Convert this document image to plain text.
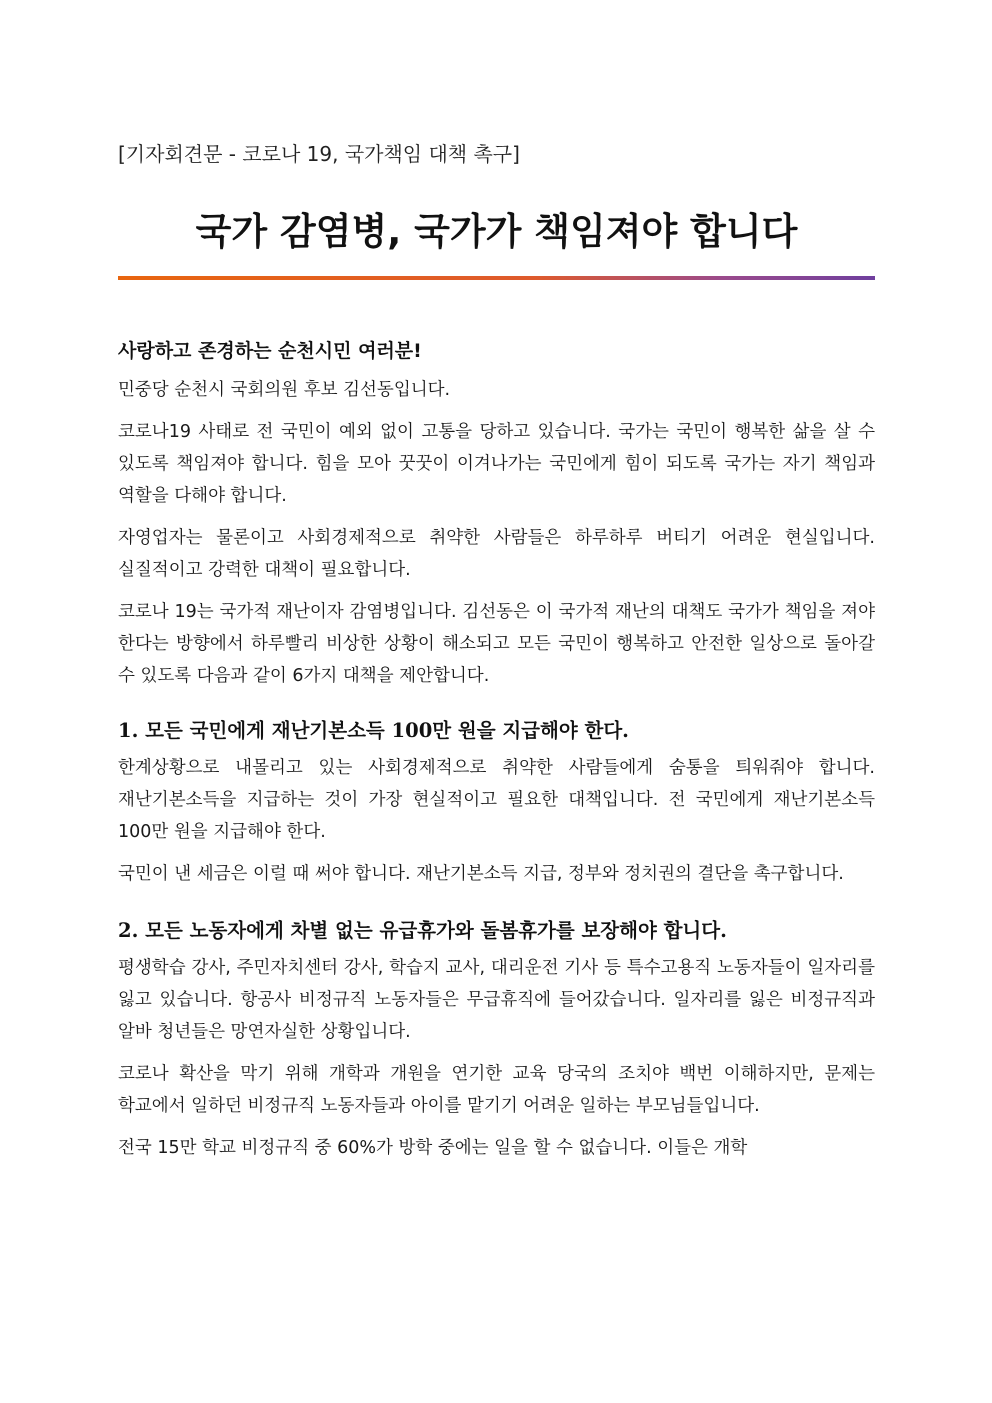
[기자회견문 - 코로나 19, 국가책임 대책 촉구]
국가 감염병, 국가가 책임져야 합니다
사랑하고 존경하는 순천시민 여러분!

민중당 순천시 국회의원 후보 김선동입니다.

코로나19 사태로 전 국민이 예외 없이 고통을 당하고 있습니다. 국가는 국민이 행복한 삶을 살 수 있도록 책임져야 합니다. 힘을 모아 꿋꿋이 이겨나가는 국민에게 힘이 되도록 국가는 자기 책임과 역할을 다해야 합니다.

자영업자는 물론이고 사회경제적으로 취약한 사람들은 하루하루 버티기 어려운 현실입니다. 실질적이고 강력한 대책이 필요합니다.

코로나 19는 국가적 재난이자 감염병입니다. 김선동은 이 국가적 재난의 대책도 국가가 책임을 져야 한다는 방향에서 하루빨리 비상한 상황이 해소되고 모든 국민이 행복하고 안전한 일상으로 돌아갈 수 있도록 다음과 같이 6가지 대책을 제안합니다.

1. 모든 국민에게 재난기본소득 100만 원을 지급해야 한다.

한계상황으로 내몰리고 있는 사회경제적으로 취약한 사람들에게 숨통을 틔워줘야 합니다. 재난기본소득을 지급하는 것이 가장 현실적이고 필요한 대책입니다. 전 국민에게 재난기본소득 100만 원을 지급해야 한다.

국민이 낸 세금은 이럴 때 써야 합니다. 재난기본소득 지급, 정부와 정치권의 결단을 촉구합니다.

2. 모든 노동자에게 차별 없는 유급휴가와 돌봄휴가를 보장해야 합니다.

평생학습 강사, 주민자치센터 강사, 학습지 교사, 대리운전 기사 등 특수고용직 노동자들이 일자리를 잃고 있습니다. 항공사 비정규직 노동자들은 무급휴직에 들어갔습니다. 일자리를 잃은 비정규직과 알바 청년들은 망연자실한 상황입니다.

코로나 확산을 막기 위해 개학과 개원을 연기한 교육 당국의 조치야 백번 이해하지만, 문제는 학교에서 일하던 비정규직 노동자들과 아이를 맡기기 어려운 일하는 부모님들입니다.

전국 15만 학교 비정규직 중 60%가 방학 중에는 일을 할 수 없습니다. 이들은 개학
